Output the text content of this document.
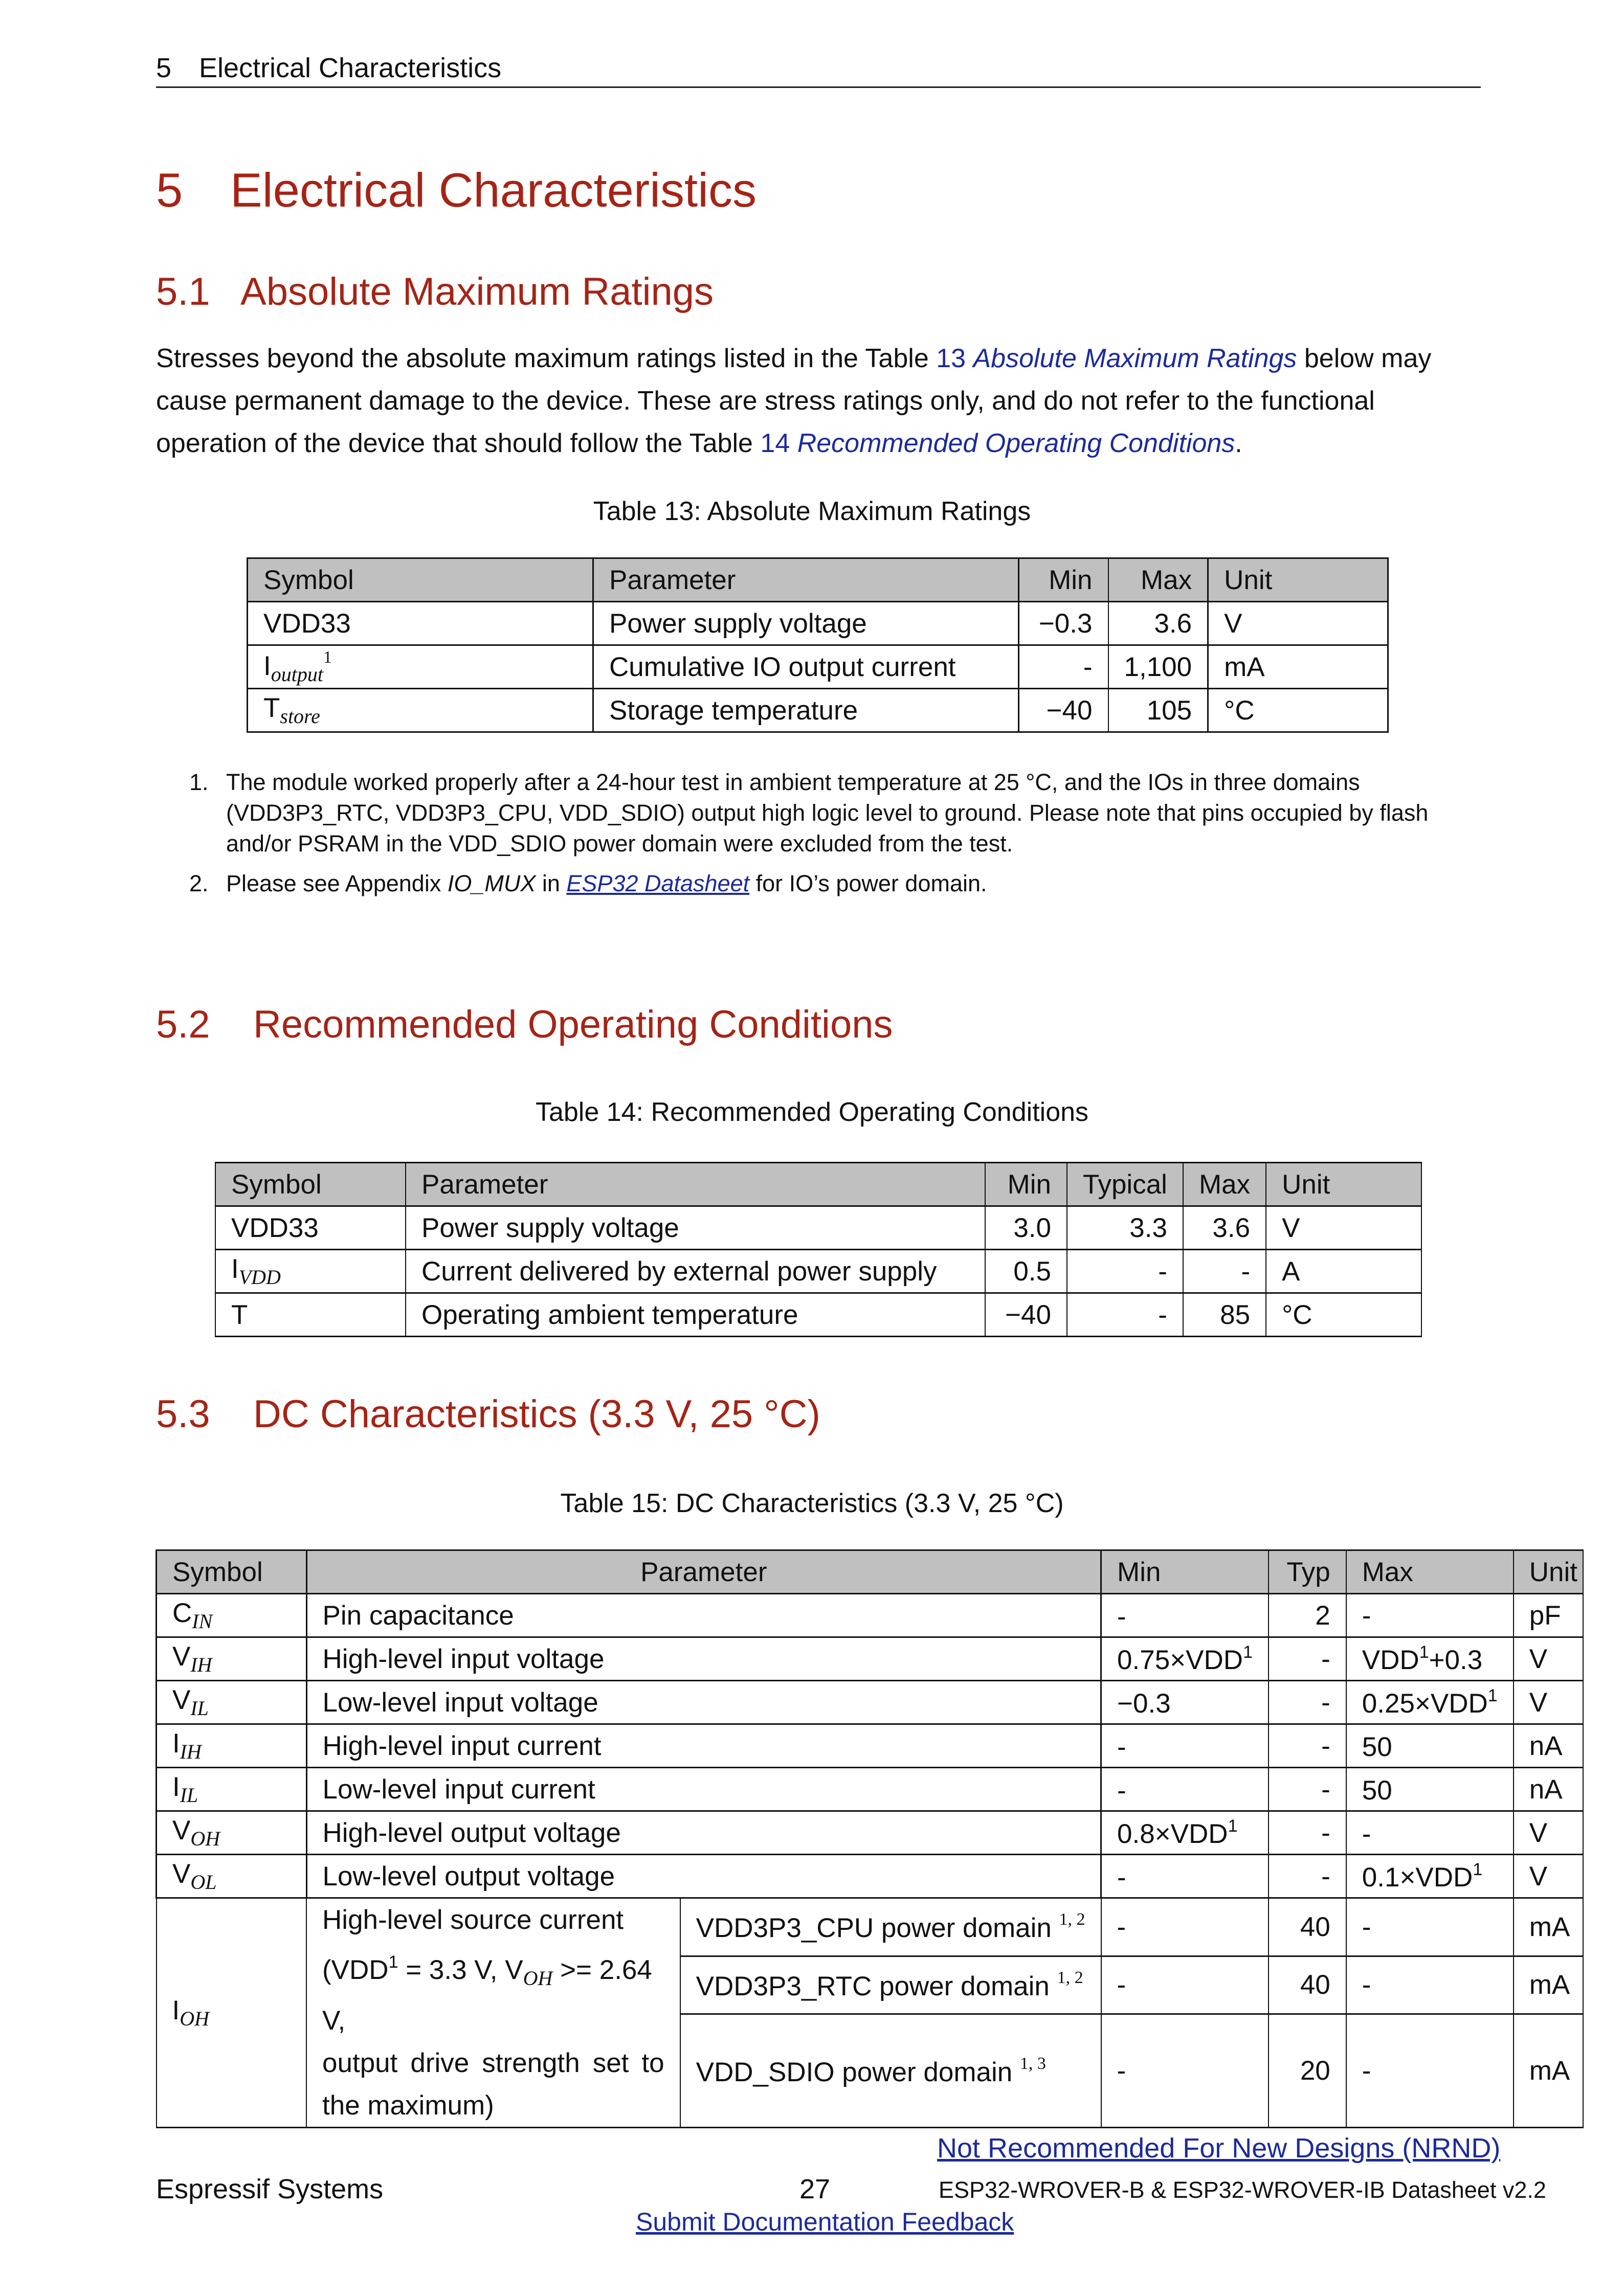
5 Electrical Characteristics
5 Electrical Characteristics
5.1 Absolute Maximum Ratings
Stresses beyond the absolute maximum ratings listed in the Table 13 Absolute Maximum Ratings below may cause permanent damage to the device. These are stress ratings only, and do not refer to the functional operation of the device that should follow the Table 14 Recommended Operating Conditions.
Table 13: Absolute Maximum Ratings
Symbol	Parameter	Min	Max	Unit
VDD33	Power supply voltage	−0.3	3.6	V
$I_{output}^1$	Cumulative IO output current	-	1,100	mA
$T_{store}$	Storage temperature	−40	105	°C
1. The module worked properly after a 24-hour test in ambient temperature at 25 °C, and the IOs in three domains (VDD3P3_RTC, VDD3P3_CPU, VDD_SDIO) output high logic level to ground. Please note that pins occupied by flash and/or PSRAM in the VDD_SDIO power domain were excluded from the test.
2. Please see Appendix IO_MUX in ESP32 Datasheet for IO’s power domain.
5.2 Recommended Operating Conditions
Table 14: Recommended Operating Conditions
Symbol	Parameter	Min	Typical	Max	Unit
VDD33	Power supply voltage	3.0	3.3	3.6	V
$I_{VDD}$	Current delivered by external power supply	0.5	-	-	A
T	Operating ambient temperature	−40	-	85	°C
5.3 DC Characteristics (3.3 V, 25 °C)
Table 15: DC Characteristics (3.3 V, 25 °C)
Symbol	Parameter		Min	Typ	Max	Unit
$C_{IN}$	Pin capacitance		-	2	-	pF
$V_{IH}$	High-level input voltage		$0.75\times VDD^1$	-	$VDD^1+0.3$	V
$V_{IL}$	Low-level input voltage		−0.3	-	$0.25\times VDD^1$	V
$I_{IH}$	High-level input current		-	-	50	nA
$I_{IL}$	Low-level input current		-	-	50	nA
$V_{OH}$	High-level output voltage		$0.8\times VDD^1$	-	-	V
$V_{OL}$	Low-level output voltage		-	-	$0.1\times VDD^1$	V
$I_{OH}$	High-level source current
($VDD^1 = 3.3$ V, $V_{OH} >= 2.64$ V,
output drive strength set to
the maximum)	VDD3P3_CPU power domain $^{1, 2}$	-	40	-	mA
		VDD3P3_RTC power domain $^{1, 2}$	-	40	-	mA
		VDD_SDIO power domain $^{1, 3}$	-	20	-	mA
Not Recommended For New Designs (NRND)
Espressif Systems	27	ESP32-WROVER-B & ESP32-WROVER-IB Datasheet v2.2
Submit Documentation Feedback
